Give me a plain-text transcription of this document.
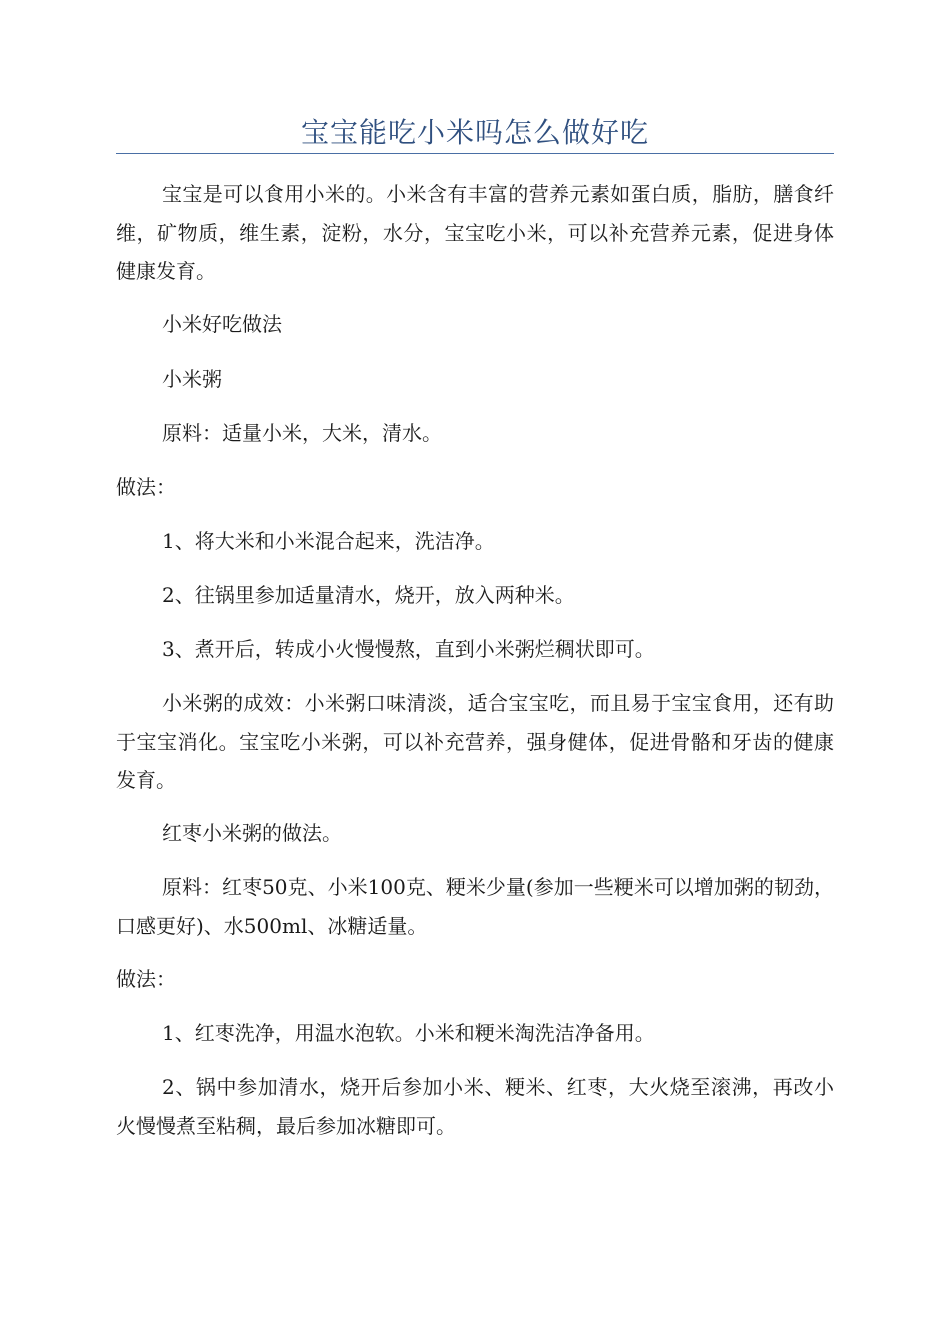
宝宝能吃小米吗怎么做好吃

宝宝是可以食用小米的。小米含有丰富的营养元素如蛋白质，脂肪，膳食纤维，矿物质，维生素，淀粉，水分，宝宝吃小米，可以补充营养元素，促进身体健康发育。

小米好吃做法

小米粥

原料：适量小米，大米，清水。

做法：

1、将大米和小米混合起来，洗洁净。

2、往锅里参加适量清水，烧开，放入两种米。

3、煮开后，转成小火慢慢熬，直到小米粥烂稠状即可。

小米粥的成效：小米粥口味清淡，适合宝宝吃，而且易于宝宝食用，还有助于宝宝消化。宝宝吃小米粥，可以补充营养，强身健体，促进骨骼和牙齿的健康发育。

红枣小米粥的做法。

原料：红枣50克、小米100克、粳米少量(参加一些粳米可以增加粥的韧劲，口感更好)、水500ml、冰糖适量。

做法：

1、红枣洗净，用温水泡软。小米和粳米淘洗洁净备用。

2、锅中参加清水，烧开后参加小米、粳米、红枣，大火烧至滚沸，再改小火慢慢煮至粘稠，最后参加冰糖即可。
